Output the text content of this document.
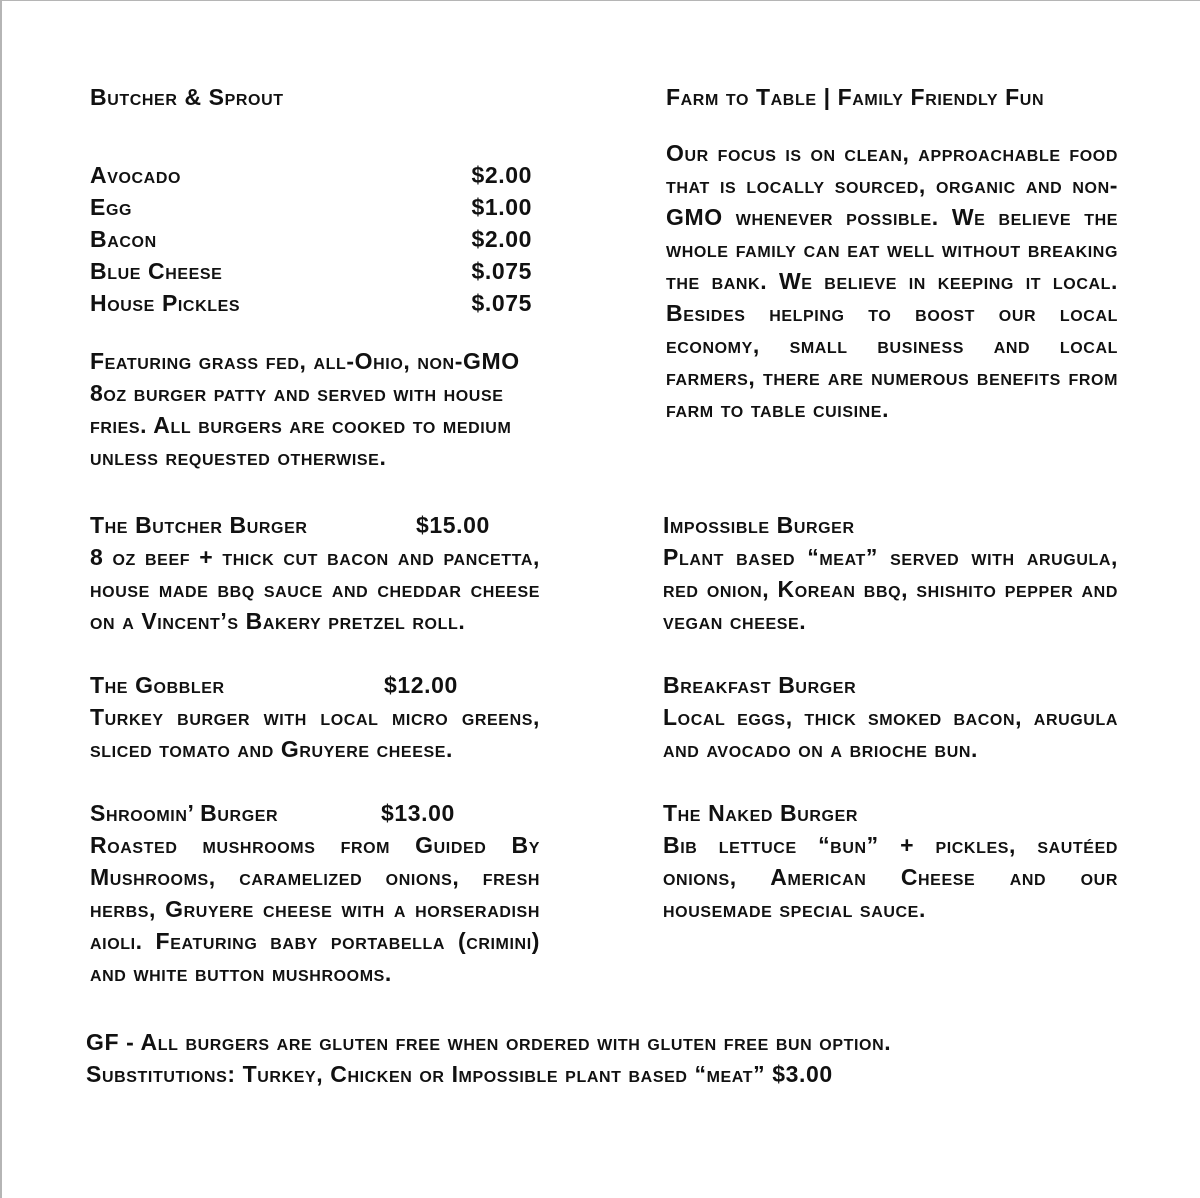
Butcher & Sprout	Farm to Table | Family Friendly Fun

Our focus is on clean, approachable food that is locally sourced, organic and non-GMO whenever possible. We believe the whole family can eat well without breaking the bank. We believe in keeping it local. Besides helping to boost our local economy, small business and local farmers, there are numerous benefits from farm to table cuisine.

Avocado	$2.00
Egg	$1.00
Bacon	$2.00
Blue Cheese	$.075
House Pickles	$.075

Featuring grass fed, all-Ohio, non-GMO 8oz burger patty and served with house fries. All burgers are cooked to medium unless requested otherwise.

The Butcher Burger	$15.00

8 oz beef + thick cut bacon and pancetta, house made bbq sauce and cheddar cheese on a Vincent’s Bakery pretzel roll.

The Gobbler	$12.00

Turkey burger with local micro greens, sliced tomato and Gruyere cheese.

Shroomin’ Burger	$13.00

Roasted mushrooms from Guided By Mushrooms, caramelized onions, fresh herbs, Gruyere cheese with a horseradish aioli. Featuring baby portabella (crimini) and white button mushrooms.

Impossible Burger

Plant based “meat” served with arugula, red onion, Korean bbq, shishito pepper and vegan cheese.

Breakfast Burger

Local eggs, thick smoked bacon, arugula and avocado on a brioche bun.

The Naked Burger

Bib lettuce “bun” + pickles, sautéed onions, American Cheese and our housemade special sauce.

GF - All burgers are gluten free when ordered with gluten free bun option.
Substitutions: Turkey, Chicken or Impossible plant based “meat” $3.00
